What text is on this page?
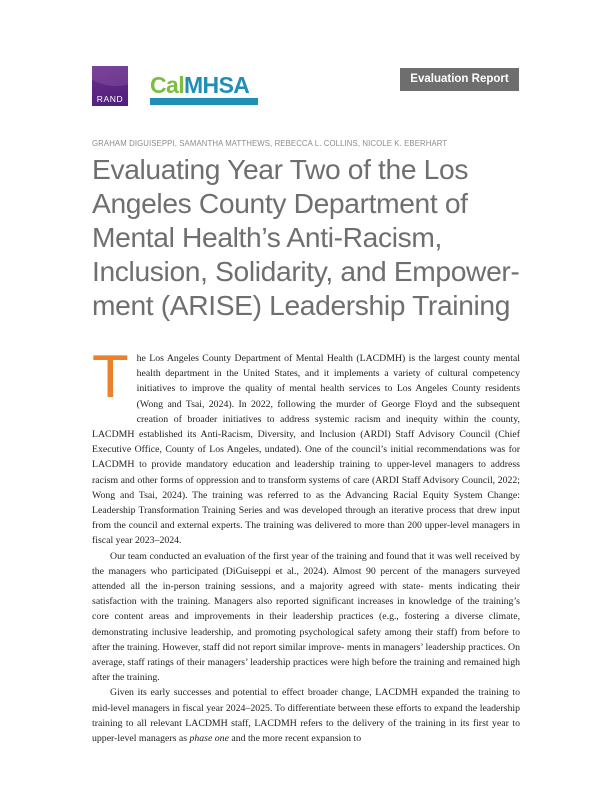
RAND
CalMHSA	Evaluation Report
GRAHAM DIGUISEPPI, SAMANTHA MATTHEWS, REBECCA L. COLLINS, NICOLE K. EBERHART
Evaluating Year Two of the Los
Angeles County Department of
Mental Health’s Anti-Racism,
Inclusion, Solidarity, and Empower-
ment (ARISE) Leadership Training

The Los Angeles County Department of Mental Health (LACDMH) is the largest county mental health department in the United States, and it implements a variety of cultural competency initiatives to improve the quality of mental health services to Los Angeles County residents (Wong and Tsai, 2024). In 2022, following the murder of George Floyd and the subsequent creation of broader initiatives to address systemic racism and inequity within the county, LACDMH established its Anti-Racism, Diversity, and Inclusion (ARDI) Staff Advisory Council (Chief Executive Office, County of Los Angeles, undated). One of the council’s initial recommendations was for LACDMH to provide mandatory education and leadership training to upper-level managers to address racism and other forms of oppression and to transform systems of care (ARDI Staff Advisory Council, 2022; Wong and Tsai, 2024). The training was referred to as the Advancing Racial Equity System Change: Leadership Transformation Training Series and was developed through an iterative process that drew input from the council and external experts. The training was delivered to more than 200 upper-level managers in fiscal year 2023–2024.

Our team conducted an evaluation of the first year of the training and found that it was well received by the managers who participated (DiGuiseppi et al., 2024). Almost 90 percent of the managers surveyed attended all the in-person training sessions, and a majority agreed with state- ments indicating their satisfaction with the training. Managers also reported significant increases in knowledge of the training’s core content areas and improvements in their leadership practices (e.g., fostering a diverse climate, demonstrating inclusive leadership, and promoting psychological safety among their staff) from before to after the training. However, staff did not report similar improve- ments in managers’ leadership practices. On average, staff ratings of their managers’ leadership practices were high before the training and remained high after the training.

Given its early successes and potential to effect broader change, LACDMH expanded the training to mid-level managers in fiscal year 2024–2025. To differentiate between these efforts to expand the leadership training to all relevant LACDMH staff, LACDMH refers to the delivery of the training in its first year to upper-level managers as phase one and the more recent expansion to
